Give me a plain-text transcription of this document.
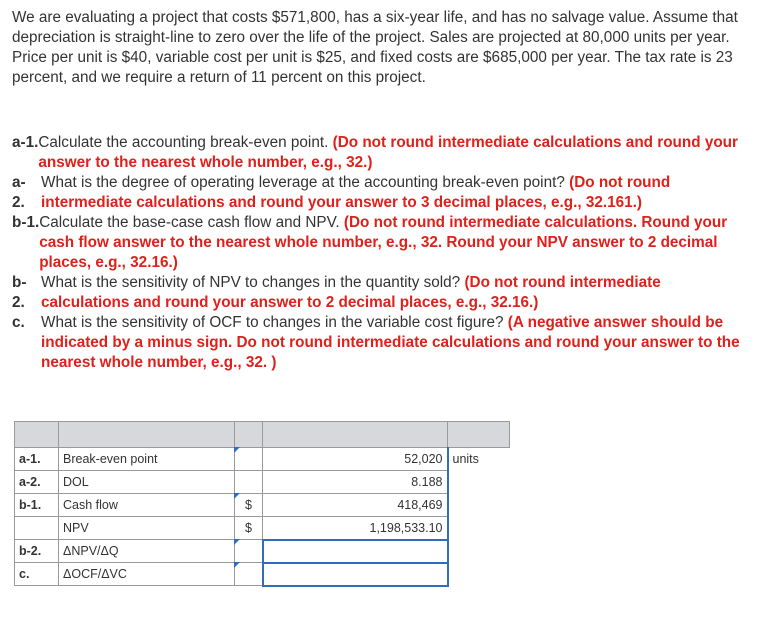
We are evaluating a project that costs $571,800, has a six-year life, and has no salvage value. Assume that depreciation is straight-line to zero over the life of the project. Sales are projected at 80,000 units per year. Price per unit is $40, variable cost per unit is $25, and fixed costs are $685,000 per year. The tax rate is 23 percent, and we require a return of 11 percent on this project.
a-1. Calculate the accounting break-even point. (Do not round intermediate calculations and round your answer to the nearest whole number, e.g., 32.)
a-
2.
What is the degree of operating leverage at the accounting break-even point? (Do not round intermediate calculations and round your answer to 3 decimal places, e.g., 32.161.)
b-1. Calculate the base-case cash flow and NPV. (Do not round intermediate calculations. Round your cash flow answer to the nearest whole number, e.g., 32. Round your NPV answer to 2 decimal places, e.g., 32.16.)
b-
2.
What is the sensitivity of NPV to changes in the quantity sold? (Do not round intermediate calculations and round your answer to 2 decimal places, e.g., 32.16.)
c.	What is the sensitivity of OCF to changes in the variable cost figure? (A negative answer should be indicated by a minus sign. Do not round intermediate calculations and round your answer to the nearest whole number, e.g., 32. )

a-1.	Break-even point		52,020	units
a-2.	DOL		8.188	
b-1.	Cash flow	$	418,469	
	NPV	$	1,198,533.10	
b-2.	ΔNPV/ΔQ			
c.	ΔOCF/ΔVC			
